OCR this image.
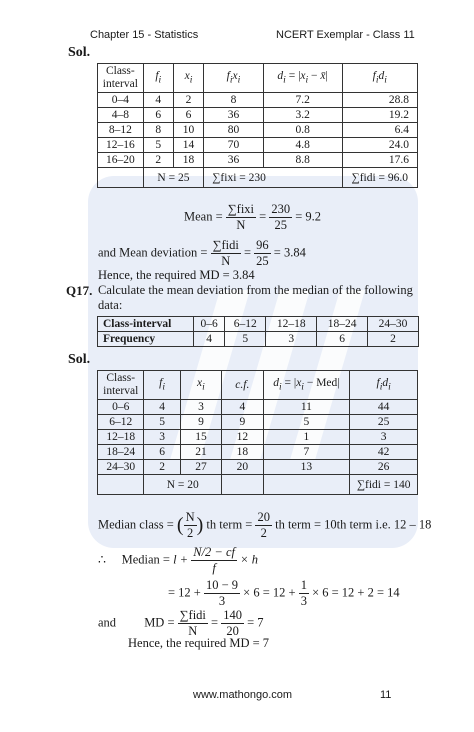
Chapter 15 - Statistics	NCERT Exemplar - Class 11
Sol.
Class-
interval	$f_i$	$x_i$	$f_ix_i$	$d_i = |x_i$ − x̄|	$f_id_i$
0–4	4	2	8	7.2	28.8
4–8	6	6	36	3.2	19.2
8–12	8	10	80	0.8	6.4
12–16	5	14	70	4.8	24.0
16–20	2	18	36	8.8	17.6
	N = 25		∑fixi = 230		∑fidi = 96.0
Mean = $\frac{\text{∑fixi}}{N} = \frac{230}{25} = 9.2$
and Mean deviation = $\frac{\text{∑fidi}}{N} = \frac{96}{25} = 3.84$
Hence, the required MD = 3.84
Q17. Calculate the mean deviation from the median of the following
data:
Class-interval	0–6	6–12	12–18	18–24	24–30
Frequency	4	5	3	6	2
Sol.
Class-
interval	$f_i$	$x_i$	c.f.	$d_i = |x_i - Med|$	$f_id_i$
0–6	4	3	4	11	44
6–12	5	9	9	5	25
12–18	3	15	12	1	3
18–24	6	21	18	7	42
24–30	2	27	20	13	26
	N = 20				∑fidi = 140
Median class = ( $\frac{N}{2}$ ) th term = $\frac{20}{2}$ th term = 10th term i.e. 12 – 18
∴ Median = $l + \frac{N/2 - cf}{f} \times h$
= $12 + \frac{10 - 9}{3} \times 6 = 12 + \frac{1}{3} \times 6 = 12 + 2 = 14$
and MD = $\frac{\text{∑fidi}}{N} = \frac{140}{20} = 7$
Hence, the required MD = 7
www.mathongo.com	11
